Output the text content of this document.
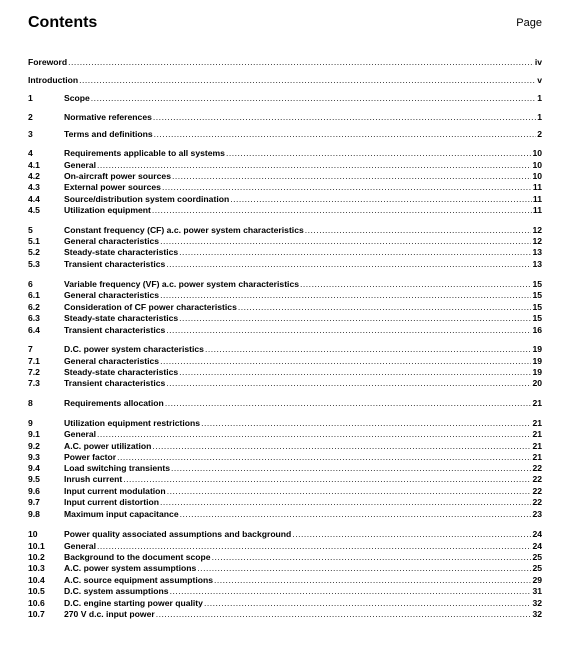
Contents	Page
Foreword .....	iv
Introduction .....	v
1	Scope .....	1
2	Normative references .....	1
3	Terms and definitions .....	2
4	Requirements applicable to all systems .....	10
4.1	General .....	10
4.2	On-aircraft power sources .....	10
4.3	External power sources .....	11
4.4	Source/distribution system coordination .....	11
4.5	Utilization equipment .....	11
5	Constant frequency (CF) a.c. power system characteristics .....	12
5.1	General characteristics .....	12
5.2	Steady-state characteristics .....	13
5.3	Transient characteristics .....	13
6	Variable frequency (VF) a.c. power system characteristics .....	15
6.1	General characteristics .....	15
6.2	Consideration of CF power characteristics .....	15
6.3	Steady-state characteristics .....	15
6.4	Transient characteristics .....	16
7	D.C. power system characteristics .....	19
7.1	General characteristics .....	19
7.2	Steady-state characteristics .....	19
7.3	Transient characteristics .....	20
8	Requirements allocation .....	21
9	Utilization equipment restrictions .....	21
9.1	General .....	21
9.2	A.C. power utilization .....	21
9.3	Power factor .....	21
9.4	Load switching transients .....	22
9.5	Inrush current .....	22
9.6	Input current modulation .....	22
9.7	Input current distortion .....	22
9.8	Maximum input capacitance .....	23
10	Power quality associated assumptions and background .....	24
10.1	General .....	24
10.2	Background to the document scope .....	25
10.3	A.C. power system assumptions .....	25
10.4	A.C. source equipment assumptions .....	29
10.5	D.C. system assumptions .....	31
10.6	D.C. engine starting power quality .....	32
10.7	270 V d.c. input power .....	32
